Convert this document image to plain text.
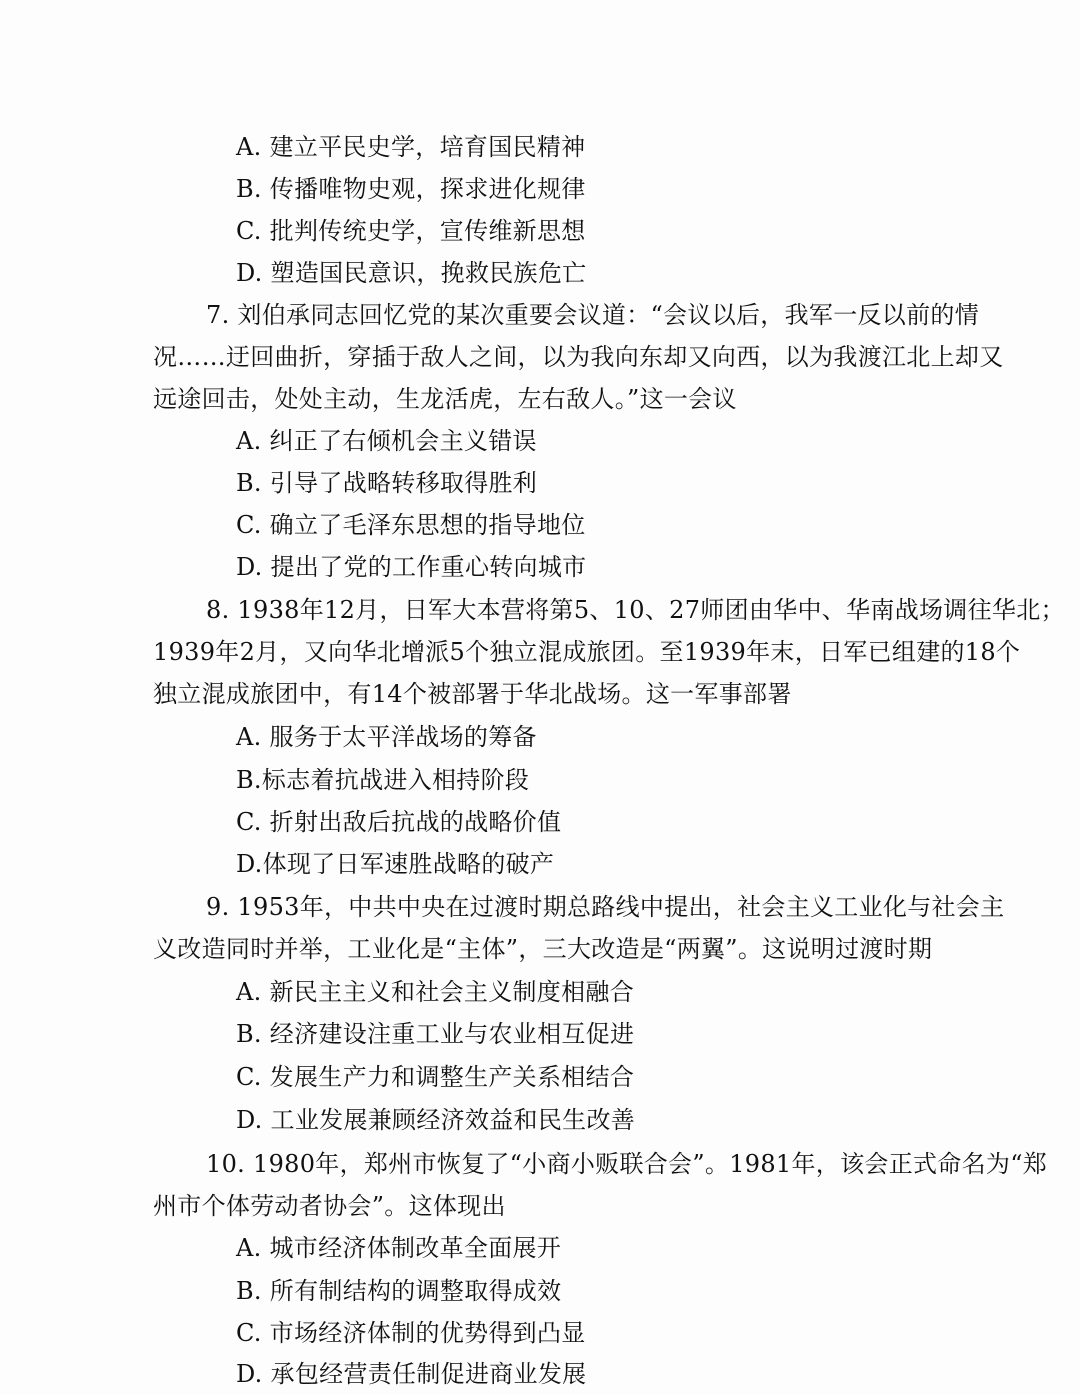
A. 建立平民史学，培育国民精神
B. 传播唯物史观，探求进化规律
C. 批判传统史学，宣传维新思想
D. 塑造国民意识，挽救民族危亡
7. 刘伯承同志回忆党的某次重要会议道：“会议以后，我军一反以前的情
况……迂回曲折，穿插于敌人之间，以为我向东却又向西，以为我渡江北上却又
远途回击，处处主动，生龙活虎，左右敌人。”这一会议
A. 纠正了右倾机会主义错误
B. 引导了战略转移取得胜利
C. 确立了毛泽东思想的指导地位
D. 提出了党的工作重心转向城市
8. 1938年12月，日军大本营将第5、10、27师团由华中、华南战场调往华北；
1939年2月，又向华北增派5个独立混成旅团。至1939年末，日军已组建的18个
独立混成旅团中，有14个被部署于华北战场。这一军事部署
A. 服务于太平洋战场的筹备
B.标志着抗战进入相持阶段
C. 折射出敌后抗战的战略价值
D.体现了日军速胜战略的破产
9. 1953年，中共中央在过渡时期总路线中提出，社会主义工业化与社会主
义改造同时并举，工业化是“主体”，三大改造是“两翼”。这说明过渡时期
A. 新民主主义和社会主义制度相融合
B. 经济建设注重工业与农业相互促进
C. 发展生产力和调整生产关系相结合
D. 工业发展兼顾经济效益和民生改善
10. 1980年，郑州市恢复了“小商小贩联合会”。1981年，该会正式命名为“郑
州市个体劳动者协会”。这体现出
A. 城市经济体制改革全面展开
B. 所有制结构的调整取得成效
C. 市场经济体制的优势得到凸显
D. 承包经营责任制促进商业发展
